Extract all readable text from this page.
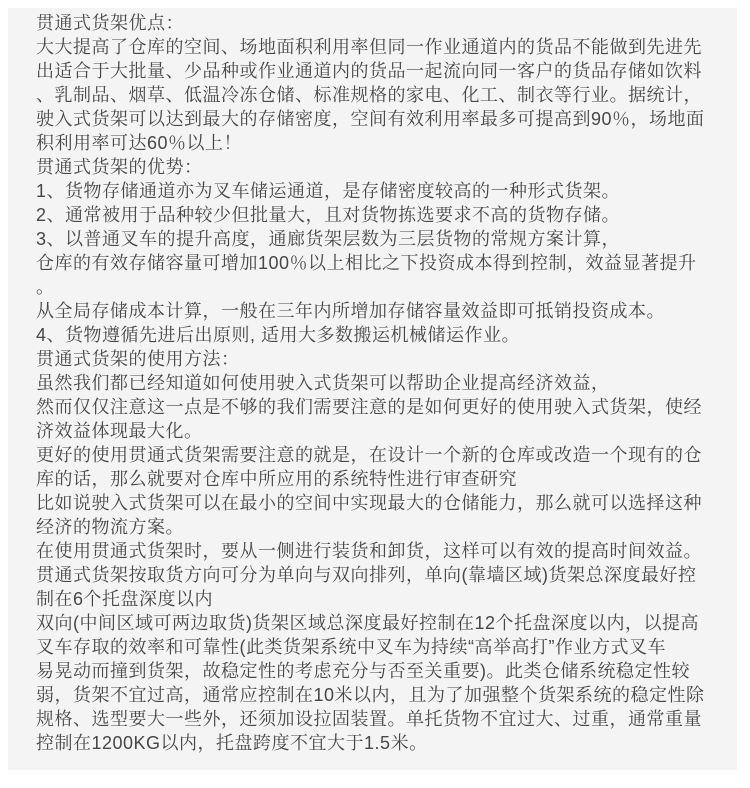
贯通式货架优点：
大大提高了仓库的空间、场地面积利用率但同一作业通道内的货品不能做到先进先
出适合于大批量、少品种或作业通道内的货品一起流向同一客户的货品存储如饮料
、乳制品、烟草、低温冷冻仓储、标准规格的家电、化工、制衣等行业。据统计，
驶入式货架可以达到最大的存储密度，空间有效利用率最多可提高到90％，场地面
积利用率可达60％以上！
贯通式货架的优势：
1、货物存储通道亦为叉车储运通道，是存储密度较高的一种形式货架。
2、通常被用于品种较少但批量大，且对货物拣选要求不高的货物存储。
3、以普通叉车的提升高度，通廊货架层数为三层货物的常规方案计算，
仓库的有效存储容量可增加100％以上相比之下投资成本得到控制，效益显著提升
。
从全局存储成本计算，一般在三年内所增加存储容量效益即可抵销投资成本。
4、货物遵循先进后出原则, 适用大多数搬运机械储运作业。
贯通式货架的使用方法：
虽然我们都已经知道如何使用驶入式货架可以帮助企业提高经济效益，
然而仅仅注意这一点是不够的我们需要注意的是如何更好的使用驶入式货架，使经
济效益体现最大化。
更好的使用贯通式货架需要注意的就是，在设计一个新的仓库或改造一个现有的仓
库的话，那么就要对仓库中所应用的系统特性进行审查研究
比如说驶入式货架可以在最小的空间中实现最大的仓储能力，那么就可以选择这种
经济的物流方案。
在使用贯通式货架时，要从一侧进行装货和卸货，这样可以有效的提高时间效益。
贯通式货架按取货方向可分为单向与双向排列，单向(靠墙区域)货架总深度最好控
制在6个托盘深度以内
双向(中间区域可两边取货)货架区域总深度最好控制在12个托盘深度以内，以提高
叉车存取的效率和可靠性(此类货架系统中叉车为持续“高举高打”作业方式叉车
易晃动而撞到货架，故稳定性的考虑充分与否至关重要)。此类仓储系统稳定性较
弱，货架不宜过高，通常应控制在10米以内，且为了加强整个货架系统的稳定性除
规格、选型要大一些外，还须加设拉固装置。单托货物不宜过大、过重，通常重量
控制在1200KG以内，托盘跨度不宜大于1.5米。
